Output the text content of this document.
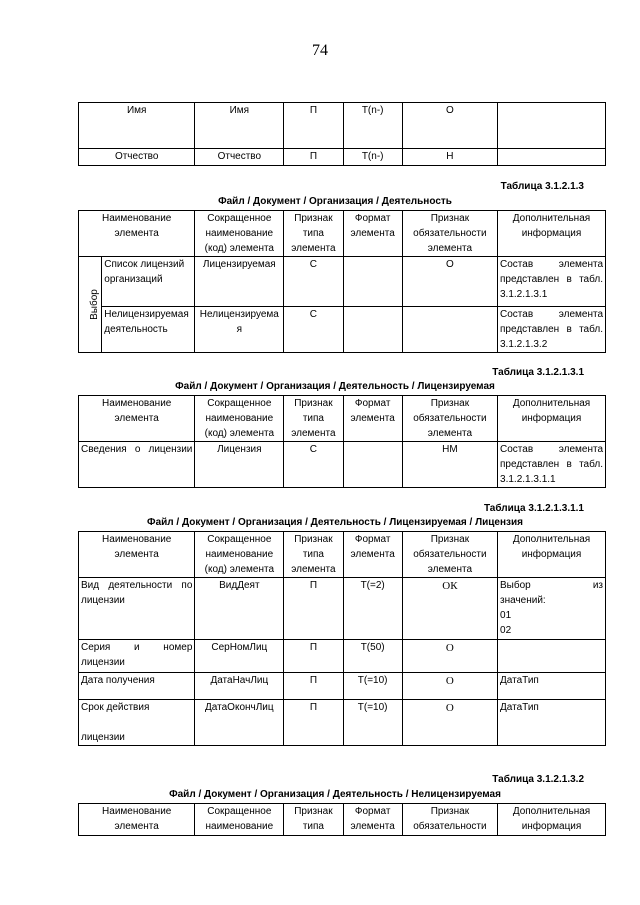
74
Имя	Имя	П	T(n-)	О	
Отчество	Отчество	П	T(n-)	Н	
Таблица 3.1.2.1.3
Файл / Документ / Организация / Деятельность
Наименование элемента		Сокращенное наименование (код) элемента	Признак типа элемента	Формат элемента	Признак обязательности элемента	Дополнительная информация
Выбор	Список лицензий организаций	Лицензируемая	С		О	Состав элемента представлен в табл. 3.1.2.1.3.1
	Нелицензируемая деятельность	Нелицензируемая	С			Состав элемента представлен в табл. 3.1.2.1.3.2
Таблица 3.1.2.1.3.1
Файл / Документ / Организация / Деятельность / Лицензируемая
Наименование элемента	Сокращенное наименование (код) элемента	Признак типа элемента	Формат элемента	Признак обязательности элемента	Дополнительная информация
Сведения о лицензии	Лицензия	С		НМ	Состав элемента представлен в табл. 3.1.2.1.3.1.1
Таблица 3.1.2.1.3.1.1
Файл / Документ / Организация / Деятельность / Лицензируемая / Лицензия
Наименование элемента	Сокращенное наименование (код) элемента	Признак типа элемента	Формат элемента	Признак обязательности элемента	Дополнительная информация
Вид деятельности по лицензии	ВидДеят	П	T(=2)	ОК	Выбор из
значений:
01
02

Серия и номер лицензии	СерНомЛиц	П	T(50)	О	
Дата получения	ДатаНачЛиц	П	T(=10)	О	ДатаТип

Срок действия
лицензии	ДатаОкончЛиц	П	T(=10)	О	ДатаТип
Таблица 3.1.2.1.3.2
Файл / Документ / Организация / Деятельность / Нелицензируемая
Наименование элемента	Сокращенное наименование	Признак типа	Формат элемента	Признак обязательности	Дополнительная информация
